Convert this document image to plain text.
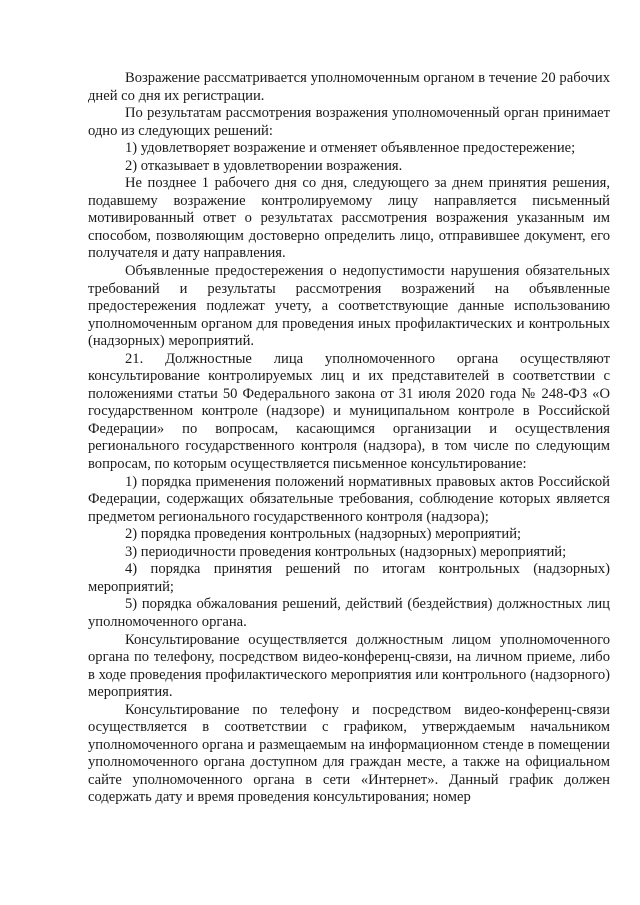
Возражение рассматривается уполномоченным органом в течение 20 рабочих дней со дня их регистрации.

По результатам рассмотрения возражения уполномоченный орган принимает одно из следующих решений:

1) удовлетворяет возражение и отменяет объявленное предостережение;

2) отказывает в удовлетворении возражения.

Не позднее 1 рабочего дня со дня, следующего за днем принятия решения, подавшему возражение контролируемому лицу направляется письменный мотивированный ответ о результатах рассмотрения возражения указанным им способом, позволяющим достоверно определить лицо, отправившее документ, его получателя и дату направления.

Объявленные предостережения о недопустимости нарушения обязательных требований и результаты рассмотрения возражений на объявленные предостережения подлежат учету, а соответствующие данные использованию уполномоченным органом для проведения иных профилактических и контрольных (надзорных) мероприятий.

21. Должностные лица уполномоченного органа осуществляют консультирование контролируемых лиц и их представителей в соответствии с положениями статьи 50 Федерального закона от 31 июля 2020 года № 248-ФЗ «О государственном контроле (надзоре) и муниципальном контроле в Российской Федерации» по вопросам, касающимся организации и осуществления регионального государственного контроля (надзора), в том числе по следующим вопросам, по которым осуществляется письменное консультирование:

1) порядка применения положений нормативных правовых актов Российской Федерации, содержащих обязательные требования, соблюдение которых является предметом регионального государственного контроля (надзора);

2) порядка проведения контрольных (надзорных) мероприятий;

3) периодичности проведения контрольных (надзорных) мероприятий;

4) порядка принятия решений по итогам контрольных (надзорных) мероприятий;

5) порядка обжалования решений, действий (бездействия) должностных лиц уполномоченного органа.

Консультирование осуществляется должностным лицом уполномоченного органа по телефону, посредством видео-конференц-связи, на личном приеме, либо в ходе проведения профилактического мероприятия или контрольного (надзорного) мероприятия.

Консультирование по телефону и посредством видео-конференц-связи осуществляется в соответствии с графиком, утверждаемым начальником уполномоченного органа и размещаемым на информационном стенде в помещении уполномоченного органа доступном для граждан месте, а также на официальном сайте уполномоченного органа в сети «Интернет». Данный график должен содержать дату и время проведения консультирования; номер
